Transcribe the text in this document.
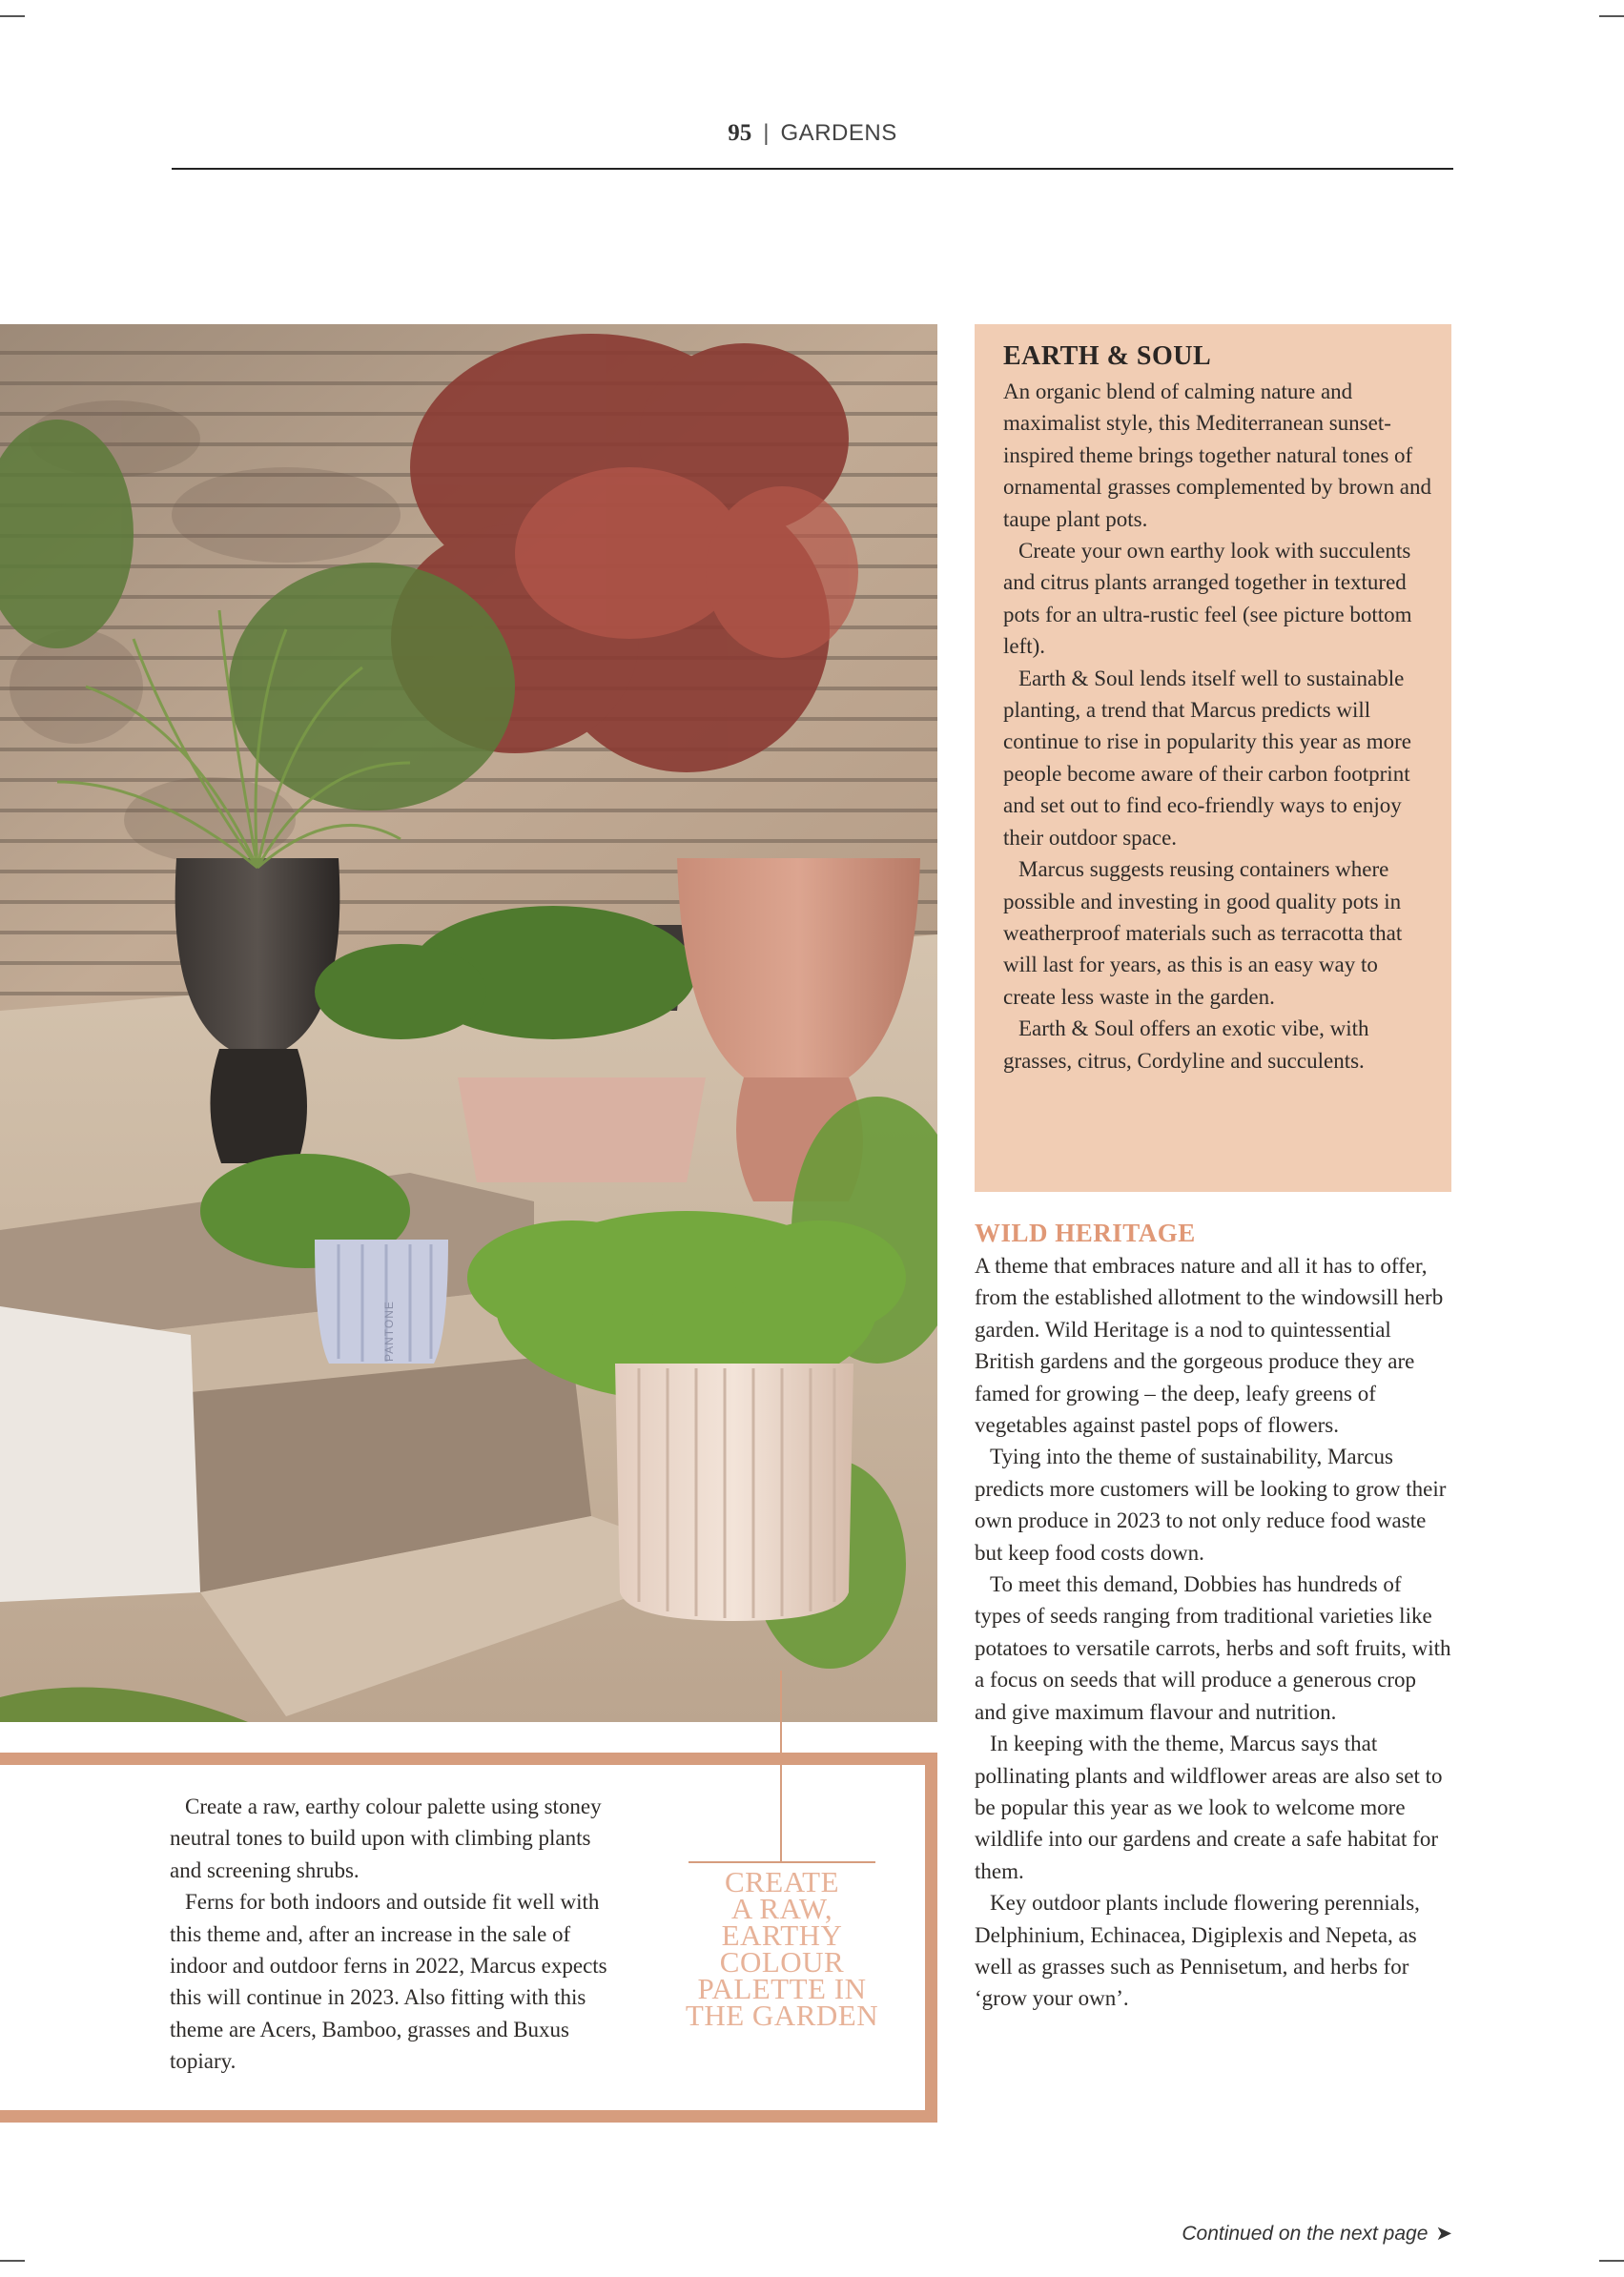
95 | GARDENS
PANTONE
EARTH & SOUL

An organic blend of calming nature and maximalist style, this Mediterranean sunset-inspired theme brings together natural tones of ornamental grasses complemented by brown and taupe plant pots.

Create your own earthy look with succulents and citrus plants arranged together in textured pots for an ultra-rustic feel (see picture bottom left).

Earth & Soul lends itself well to sustainable planting, a trend that Marcus predicts will continue to rise in popularity this year as more people become aware of their carbon footprint and set out to find eco-friendly ways to enjoy their outdoor space.

Marcus suggests reusing containers where possible and investing in good quality pots in weatherproof materials such as terracotta that will last for years, as this is an easy way to create less waste in the garden.

Earth & Soul offers an exotic vibe, with grasses, citrus, Cordyline and succulents.

WILD HERITAGE

A theme that embraces nature and all it has to offer, from the established allotment to the windowsill herb garden. Wild Heritage is a nod to quintessential British gardens and the gorgeous produce they are famed for growing – the deep, leafy greens of vegetables against pastel pops of flowers.

Tying into the theme of sustainability, Marcus predicts more customers will be looking to grow their own produce in 2023 to not only reduce food waste but keep food costs down.

To meet this demand, Dobbies has hundreds of types of seeds ranging from traditional varieties like potatoes to versatile carrots, herbs and soft fruits, with a focus on seeds that will produce a generous crop and give maximum flavour and nutrition.

In keeping with the theme, Marcus says that pollinating plants and wildflower areas are also set to be popular this year as we look to welcome more wildlife into our gardens and create a safe habitat for them.

Key outdoor plants include flowering perennials, Delphinium, Echinacea, Digiplexis and Nepeta, as well as grasses such as Pennisetum, and herbs for ‘grow your own’.

Create a raw, earthy colour palette using stoney neutral tones to build upon with climbing plants and screening shrubs.

Ferns for both indoors and outside fit well with this theme and, after an increase in the sale of indoor and outdoor ferns in 2022, Marcus expects this will continue in 2023. Also fitting with this theme are Acers, Bamboo, grasses and Buxus topiary.

CREATE
A RAW,
EARTHY
COLOUR
PALETTE IN
THE GARDEN
Continued on the next page ➤
